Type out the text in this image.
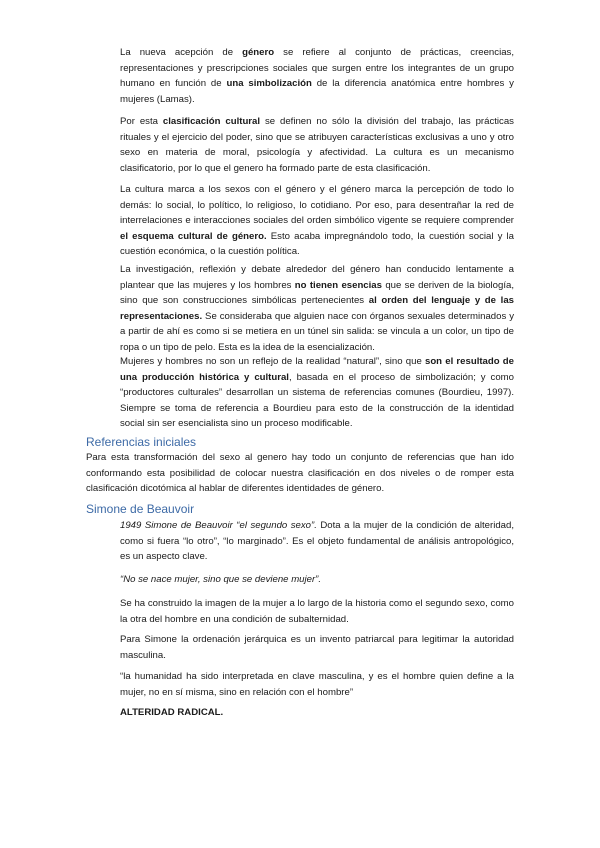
La nueva acepción de género se refiere al conjunto de prácticas, creencias, representaciones y prescripciones sociales que surgen entre los integrantes de un grupo humano en función de una simbolización de la diferencia anatómica entre hombres y mujeres (Lamas).

Por esta clasificación cultural se definen no sólo la división del trabajo, las prácticas rituales y el ejercicio del poder, sino que se atribuyen características exclusivas a uno y otro sexo en materia de moral, psicología y afectividad. La cultura es un mecanismo clasificatorio, por lo que el genero ha formado parte de esta clasificación.

La cultura marca a los sexos con el género y el género marca la percepción de todo lo demás: lo social, lo político, lo religioso, lo cotidiano. Por eso, para desentrañar la red de interrelaciones e interacciones sociales del orden simbólico vigente se requiere comprender el esquema cultural de género. Esto acaba impregnándolo todo, la cuestión social y la cuestión económica, o la cuestión política.

La investigación, reflexión y debate alrededor del género han conducido lentamente a plantear que las mujeres y los hombres no tienen esencias que se deriven de la biología, sino que son construcciones simbólicas pertenecientes al orden del lenguaje y de las representaciones. Se consideraba que alguien nace con órganos sexuales determinados y a partir de ahí es como si se metiera en un túnel sin salida: se vincula a un color, un tipo de ropa o un tipo de pelo. Esta es la idea de la esencialización.

Mujeres y hombres no son un reflejo de la realidad “natural”, sino que son el resultado de una producción histórica y cultural, basada en el proceso de simbolización; y como “productores culturales” desarrollan un sistema de referencias comunes (Bourdieu, 1997). Siempre se toma de referencia a Bourdieu para esto de la construcción de la identidad social sin ser esencialista sino un proceso modificable.

Referencias iniciales

Para esta transformación del sexo al genero hay todo un conjunto de referencias que han ido conformando esta posibilidad de colocar nuestra clasificación en dos niveles o de romper esta clasificación dicotómica al hablar de diferentes identidades de género.

Simone de Beauvoir

1949 Simone de Beauvoir “el segundo sexo”. Dota a la mujer de la condición de alteridad, como si fuera “lo otro”, “lo marginado”. Es el objeto fundamental de análisis antropológico, es un aspecto clave.

“No se nace mujer, sino que se deviene mujer”.

Se ha construido la imagen de la mujer a lo largo de la historia como el segundo sexo, como la otra del hombre en una condición de subalternidad.

Para Simone la ordenación jerárquica es un invento patriarcal para legitimar la autoridad masculina.

“la humanidad ha sido interpretada en clave masculina, y es el hombre quien define a la mujer, no en sí misma, sino en relación con el hombre”

ALTERIDAD RADICAL.
